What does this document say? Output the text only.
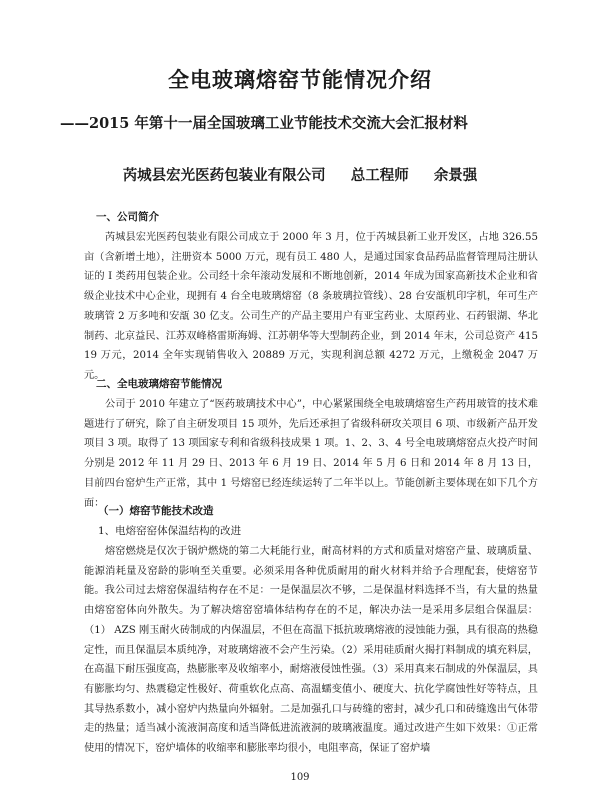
全电玻璃熔窑节能情况介绍
——2015 年第十一届全国玻璃工业节能技术交流大会汇报材料
芮城县宏光医药包装业有限公司 总工程师 余景强
一、公司简介
芮城县宏光医药包装业有限公司成立于 2000 年 3 月，位于芮城县新工业开发区，占地 326.55 亩（含新增土地），注册资本 5000 万元，现有员工 480 人，是通过国家食品药品监督管理局注册认证的 I 类药用包装企业。公司经十余年滚动发展和不断地创新，2014 年成为国家高新技术企业和省级企业技术中心企业，现拥有 4 台全电玻璃熔窑（8 条玻璃拉管线）、28 台安瓿机印字机，年可生产玻璃管 2 万多吨和安瓿 30 亿支。公司生产的产品主要用户有亚宝药业、太原药业、石药银湖、华北制药、北京益民、江苏双峰格雷斯海姆、江苏朝华等大型制药企业，到 2014 年末，公司总资产 41519 万元，2014 全年实现销售收入 20889 万元，实现利润总额 4272 万元，上缴税金 2047 万元。
二、全电玻璃熔窑节能情况
公司于 2010 年建立了“医药玻璃技术中心”，中心紧紧围绕全电玻璃熔窑生产药用玻管的技术难题进行了研究，除了自主研发项目 15 项外，先后还承担了省级科研攻关项目 6 项、市级新产品开发项目 3 项。取得了 13 项国家专利和省级科技成果 1 项。1、2、3、4 号全电玻璃熔窑点火投产时间分别是 2012 年 11 月 29 日、2013 年 6 月 19 日、2014 年 5 月 6 日和 2014 年 8 月 13 日，目前四台窑炉生产正常，其中 1 号熔窑已经连续运转了二年半以上。节能创新主要体现在如下几个方面：
（一）熔窑节能技术改造
1、电熔窑窑体保温结构的改进
熔窑燃烧是仅次于锅炉燃烧的第二大耗能行业，耐高材料的方式和质量对熔窑产量、玻璃质量、能源消耗量及窑龄的影响至关重要。必须采用各种优质耐用的耐火材料并给予合理配套，使熔窑节能。我公司过去熔窑保温结构存在不足：一是保温层次不够，二是保温材料选择不当，有大量的热量由熔窑窑体向外散失。为了解决熔窑窑墙体结构存在的不足，解决办法一是采用多层组合保温层：（1） AZS 刚玉耐火砖制成的内保温层，不但在高温下抵抗玻璃熔液的浸蚀能力强，具有很高的热稳定性，而且保温层本质纯净，对玻璃熔液不会产生污染。（2）采用硅质耐火揭打料制成的填充料层，在高温下耐压强度高，热膨胀率及收缩率小，耐熔液侵蚀性强。（3）采用真来石制成的外保温层，具有膨胀均匀、热震稳定性极好、荷重软化点高、高温蠕变值小、硬度大、抗化学腐蚀性好等特点，且其导热系数小，减小窑炉内热量向外辐射。二是加强孔口与砖缝的密封，减少孔口和砖缝逸出气体带走的热量；适当减小流液洞高度和适当降低进流液洞的玻璃液温度。通过改进产生如下效果：①正常使用的情况下，窑炉墙体的收缩率和膨胀率均很小，电阻率高，保证了窑炉墙
109
